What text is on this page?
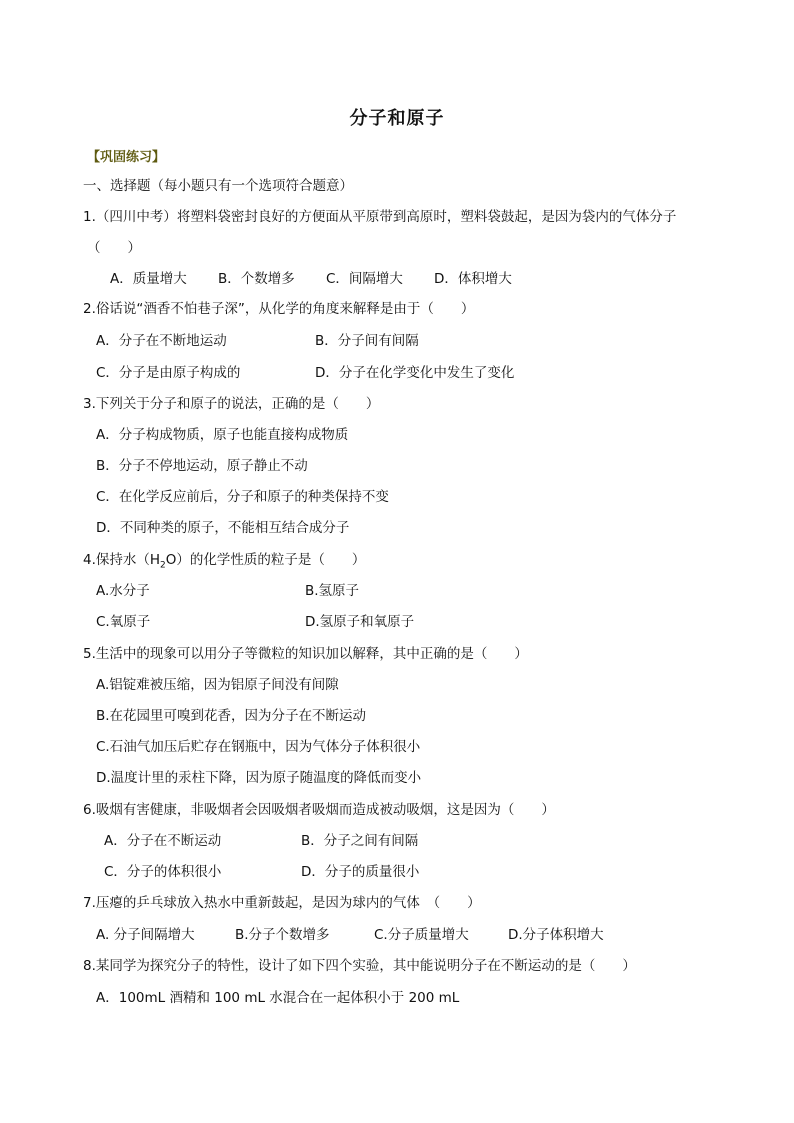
分子和原子
【巩固练习】
一、选择题（每小题只有一个选项符合题意）
1.（四川中考）将塑料袋密封良好的方便面从平原带到高原时，塑料袋鼓起，是因为袋内的气体分子
（　　）
A．质量增大 B．个数增多 C．间隔增大 D．体积增大
2.俗话说“酒香不怕巷子深”，从化学的角度来解释是由于（　　）
A．分子在不断地运动	B．分子间有间隔
C．分子是由原子构成的	D．分子在化学变化中发生了变化
3.下列关于分子和原子的说法，正确的是（　　）
A．分子构成物质，原子也能直接构成物质
B．分子不停地运动，原子静止不动
C．在化学反应前后，分子和原子的种类保持不变
D．不同种类的原子，不能相互结合成分子
4.保持水$(H_2O)$的化学性质的粒子是（　　）
A.水分子	B.氢原子
C.氧原子	D.氢原子和氧原子
5.生活中的现象可以用分子等微粒的知识加以解释，其中正确的是（　　）
A.铝锭难被压缩，因为铝原子间没有间隙
B.在花园里可嗅到花香，因为分子在不断运动
C.石油气加压后贮存在钢瓶中，因为气体分子体积很小
D.温度计里的汞柱下降，因为原子随温度的降低而变小
6.吸烟有害健康，非吸烟者会因吸烟者吸烟而造成被动吸烟，这是因为（　　）
A．分子在不断运动	B．分子之间有间隔
C．分子的体积很小	D．分子的质量很小
7.压瘪的乒乓球放入热水中重新鼓起，是因为球内的气体　（　　）
A. 分子间隔增大	B.分子个数增多	C.分子质量增大	D.分子体积增大
8.某同学为探究分子的特性，设计了如下四个实验，其中能说明分子在不断运动的是（　　）
A．100mL 酒精和 100 mL 水混合在一起体积小于 200 mL
